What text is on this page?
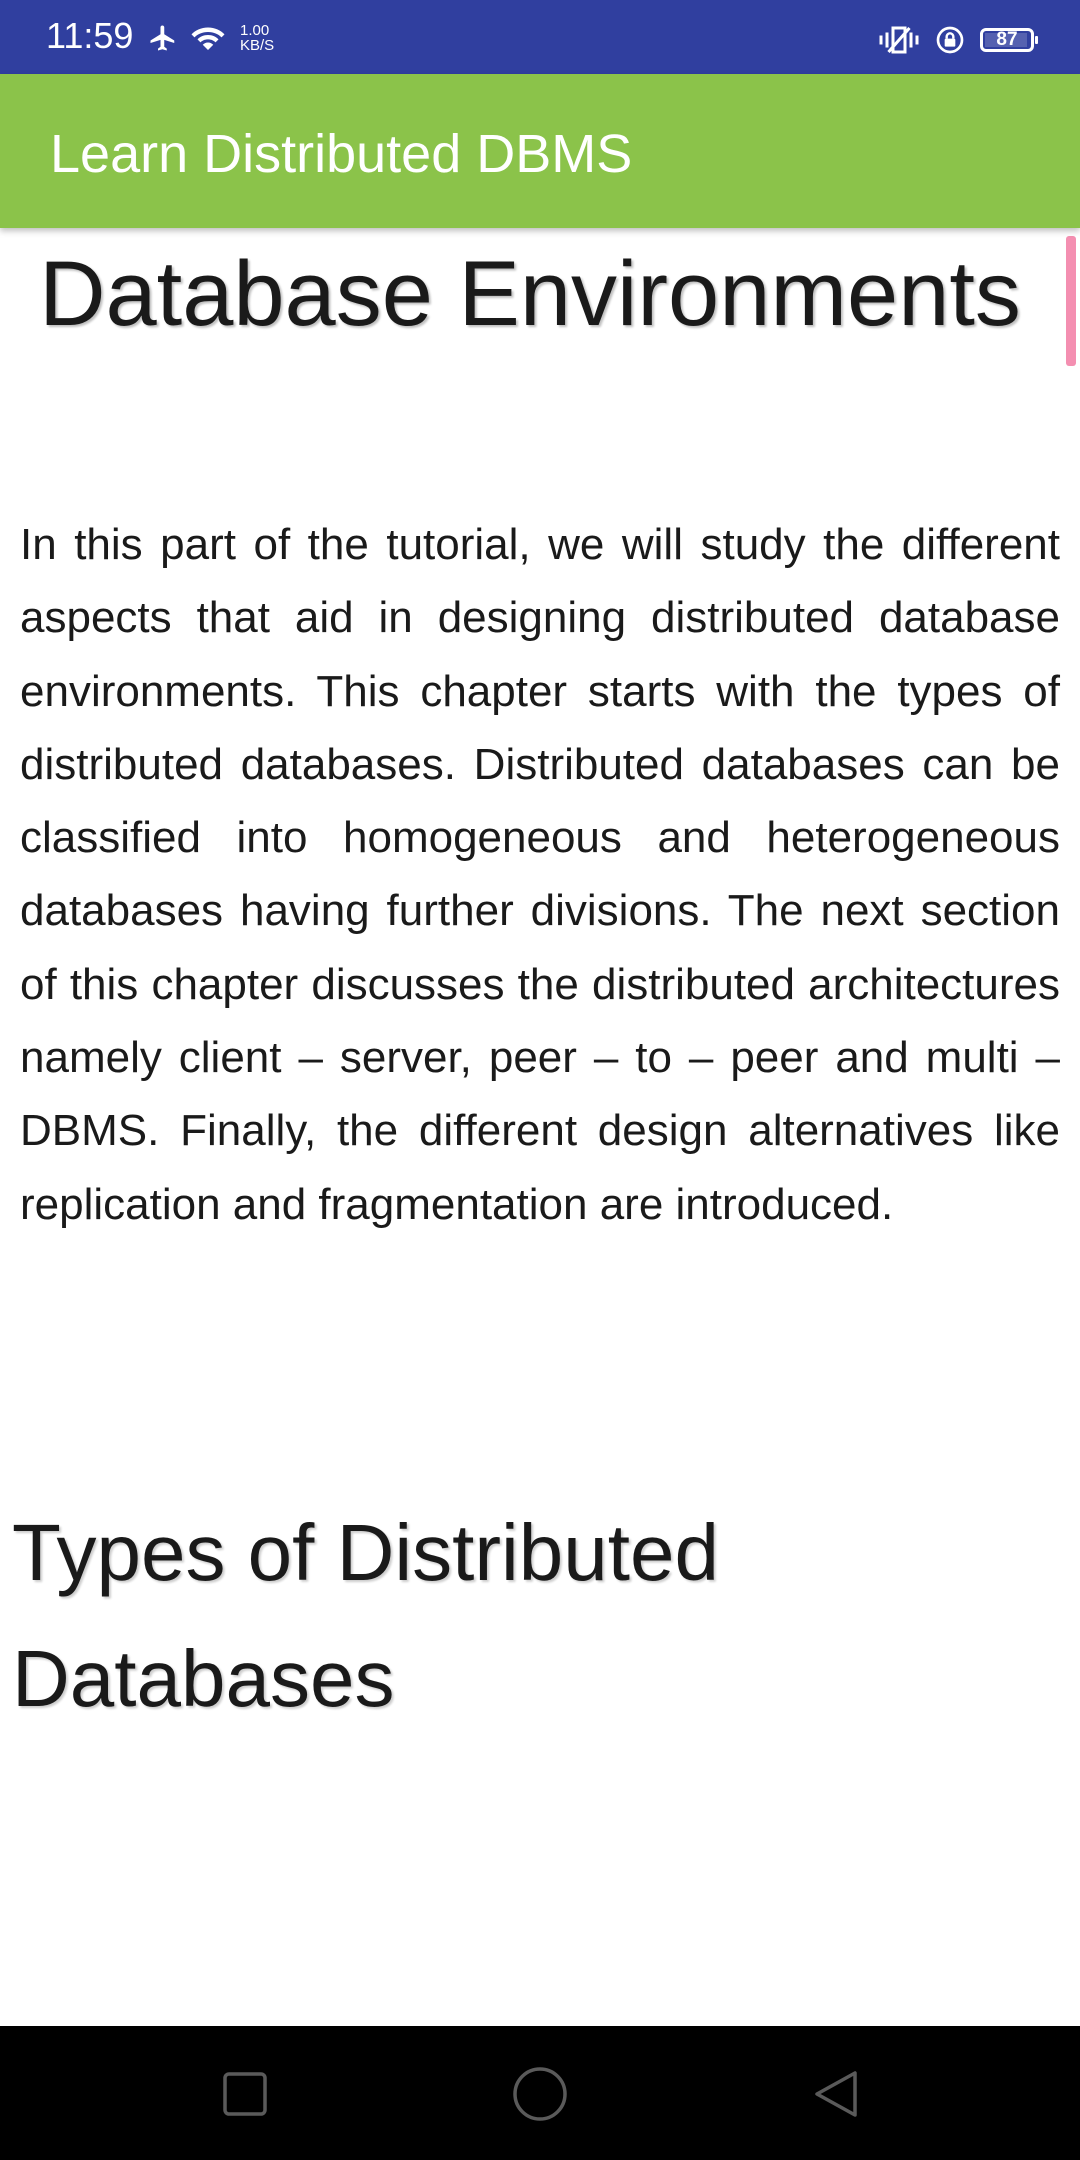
11:59	1.00
KB/S	87
Learn Distributed DBMS
Database Environments

In this part of the tutorial, we will study the different aspects that aid in designing distributed database environments. This chapter starts with the types of distributed databases. Distributed databases can be classified into homogeneous and heterogeneous databases having further divisions. The next section of this chapter discusses the distributed architectures namely client – server, peer – to – peer and multi – DBMS. Finally, the different design alternatives like replication and fragmentation are introduced.

Types of Distributed Databases
